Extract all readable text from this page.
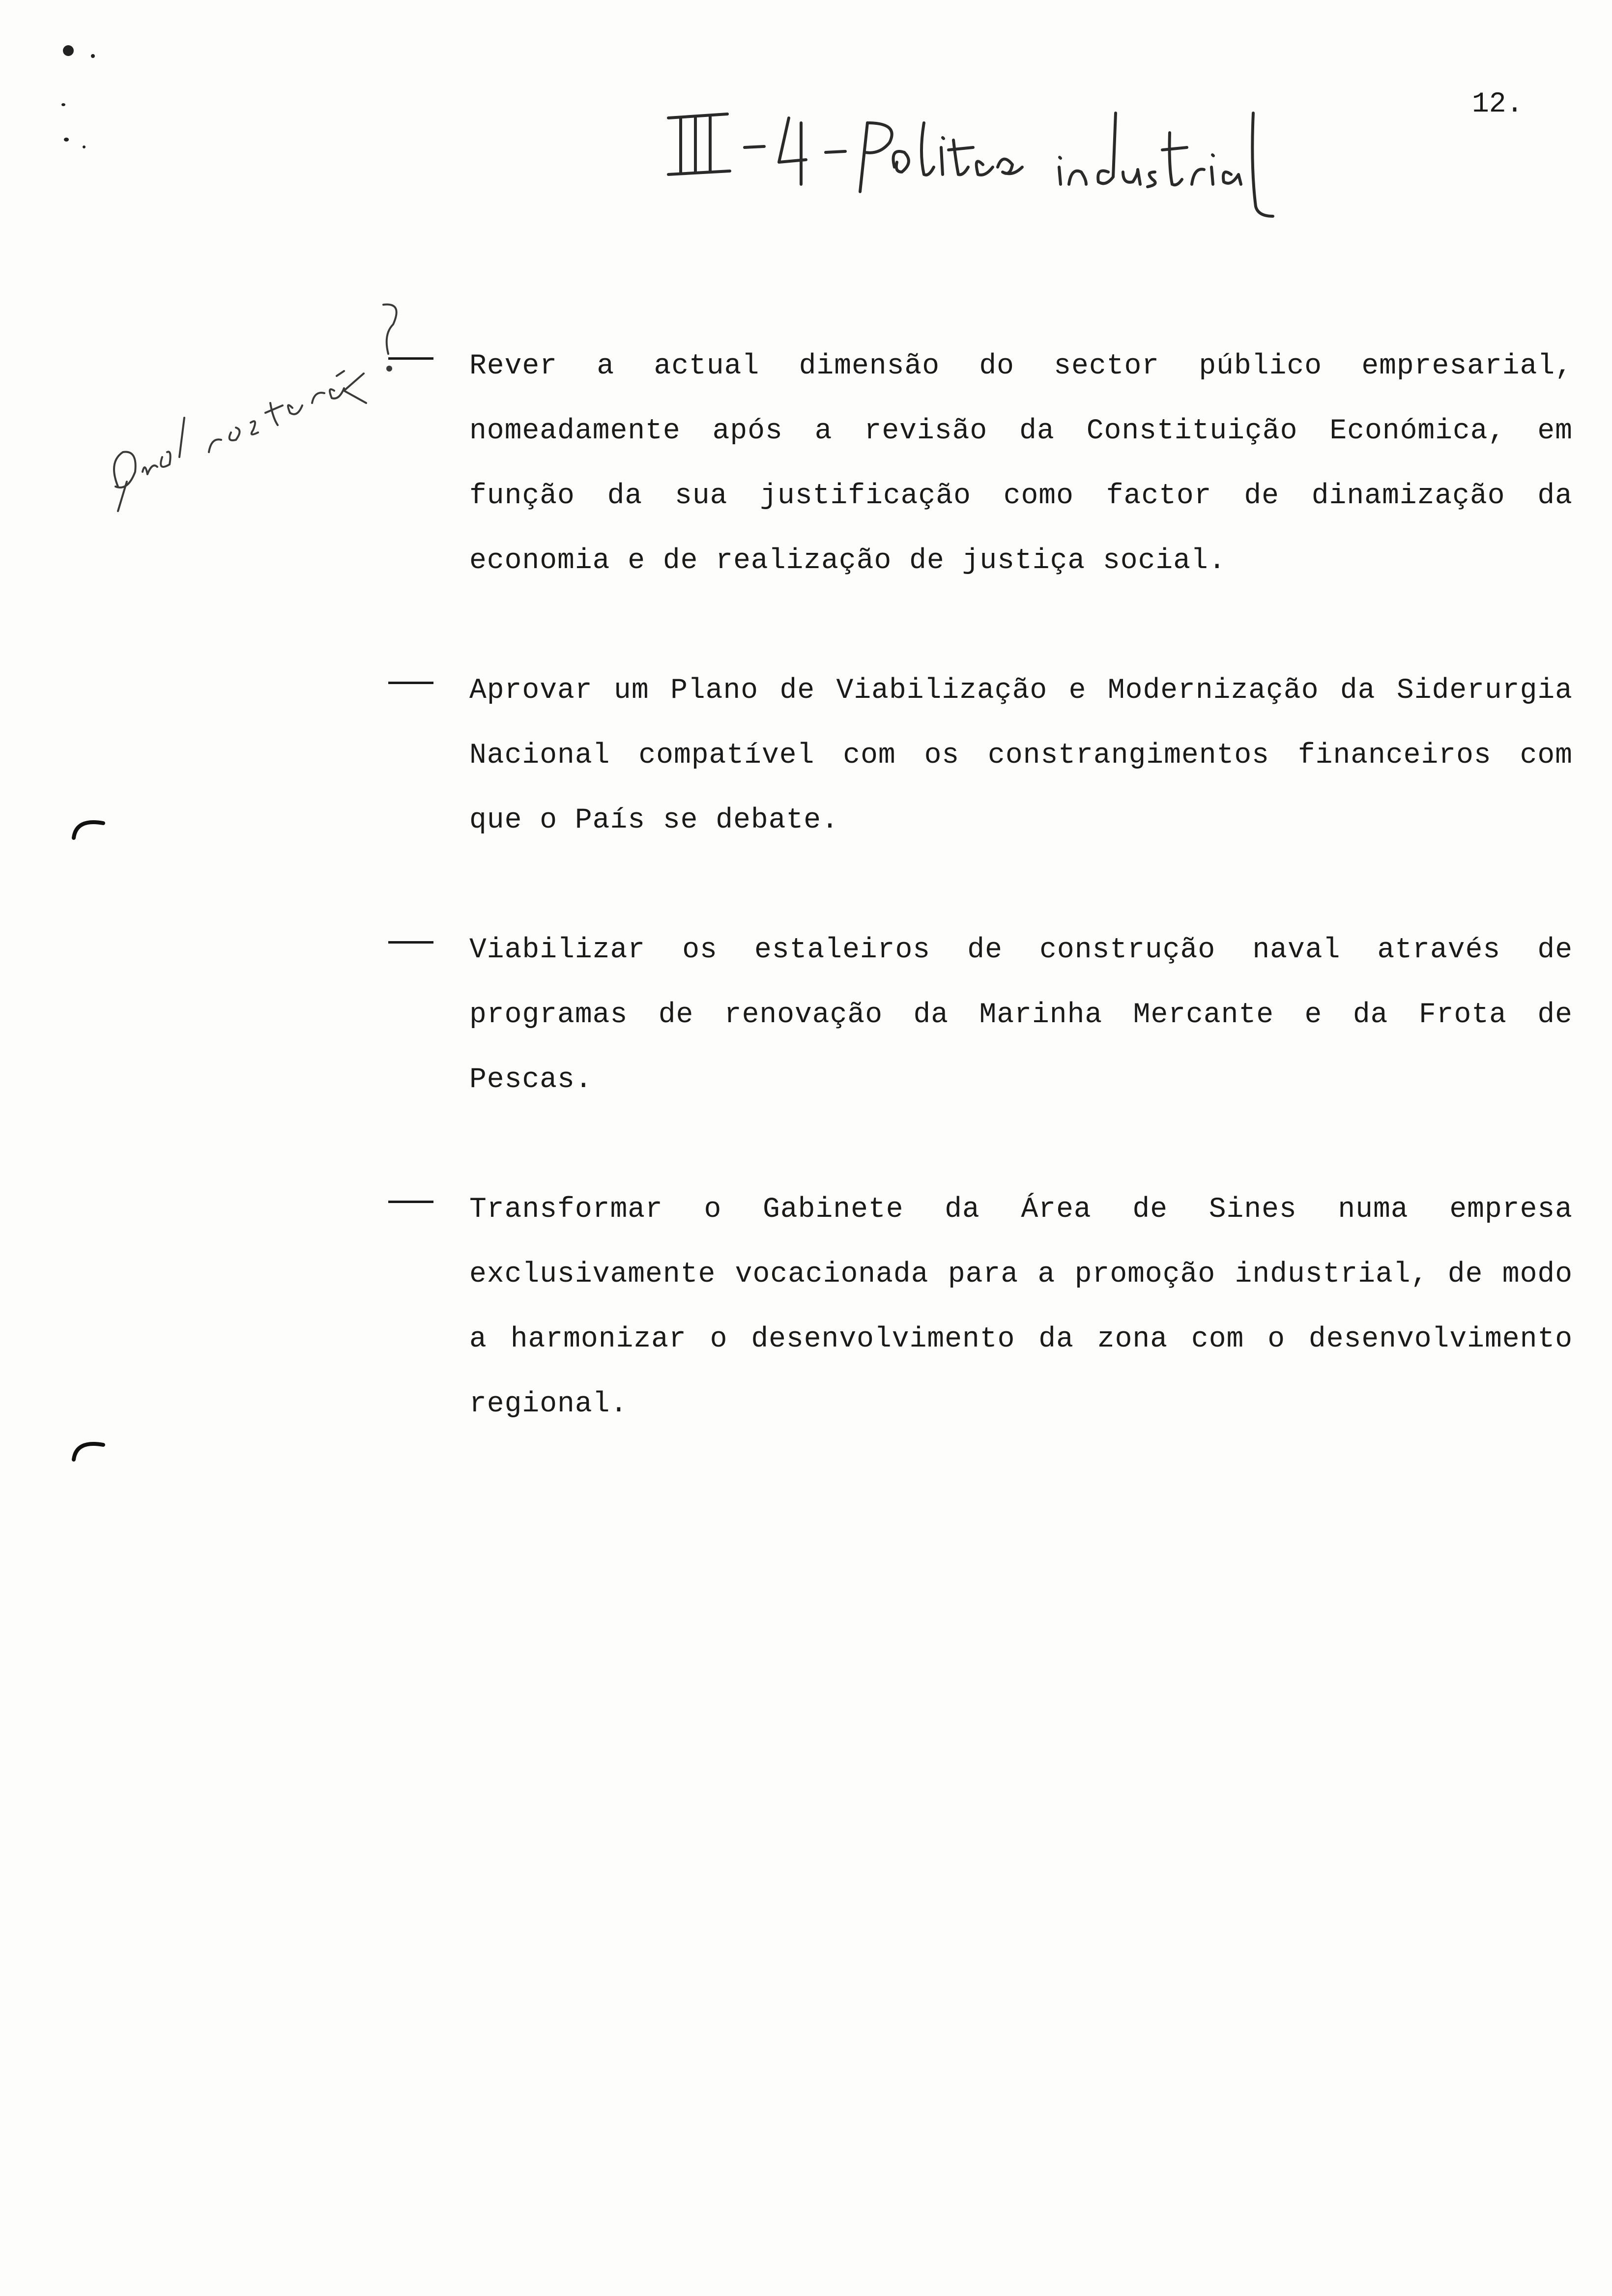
12.

Rever a actual dimensão do sector público empresarial, nomeadamente após a revisão da Constituição Económica, em função da sua justificação como factor de dinamização da economia e de realização de justiça social.

Aprovar um Plano de Viabilização e Modernização da Siderurgia Nacional compatível com os constrangimentos financeiros com que o País se debate.

Viabilizar os estaleiros de construção naval através de programas de renovação da Marinha Mercante e da Frota de Pescas.

Transformar o Gabinete da Área de Sines numa empresa exclusivamente vocacionada para a promoção industrial, de modo a harmonizar o desenvolvimento da zona com o desenvolvimento regional.
